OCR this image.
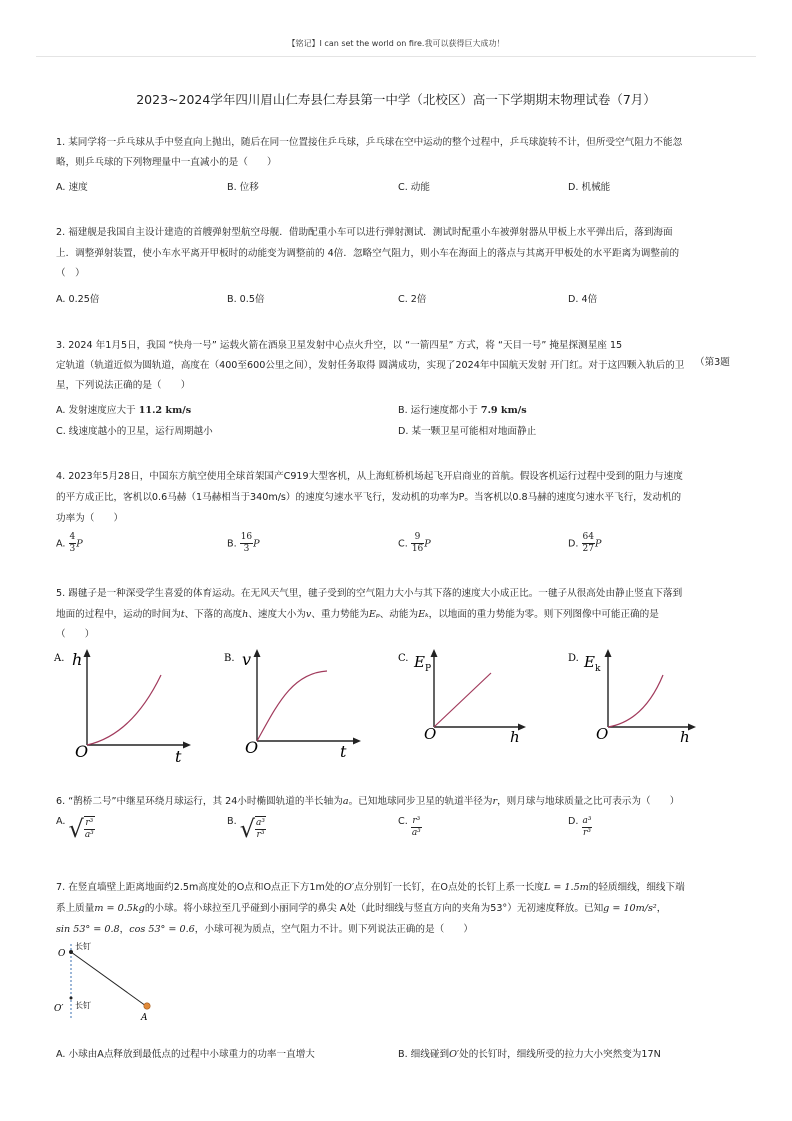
【铭记】I can set the world on fire.我可以获得巨大成功！
2023~2024学年四川眉山仁寿县仁寿县第一中学（北校区）高一下学期期末物理试卷（7月）
1. 某同学将一乒乓球从手中竖直向上抛出，随后在同一位置接住乒乓球，乒乓球在空中运动的整个过程中，乒乓球旋转不计，但所受空气阻力不能忽
略，则乒乓球的下列物理量中一直减小的是（　　）
A. 速度	B. 位移	C. 动能	D. 机械能
2. 福建舰是我国自主设计建造的首艘弹射型航空母舰．借助配重小车可以进行弹射测试．测试时配重小车被弹射器从甲板上水平弹出后，落到海面
上．调整弹射装置，使小车水平离开甲板时的动能变为调整前的 4倍．忽略空气阻力，则小车在海面上的落点与其离开甲板处的水平距离为调整前的
（　）
A. 0.25倍	B. 0.5倍	C. 2倍	D. 4倍
3. 2024 年1月5日，我国 “快舟一号” 运载火箭在酒泉卫星发射中心点火升空，以 “一箭四星” 方式，将 “天目一号” 掩星探测星座 15
（第3题
定轨道（轨道近似为圆轨道，高度在（400至600公里之间），发射任务取得 圆满成功，实现了2024年中国航天发射 开门红。对于这四颗入轨后的卫
星，下列说法正确的是（　　）
A. 发射速度应大于 11.2 km/s	B. 运行速度都小于 7.9 km/s
C. 线速度越小的卫星，运行周期越小	D. 某一颗卫星可能相对地面静止
4. 2023年5月28日，中国东方航空使用全球首架国产C919大型客机，从上海虹桥机场起飞开启商业的首航。假设客机运行过程中受到的阻力与速度
的平方成正比，客机以0.6马赫（1马赫相当于340m/s）的速度匀速水平飞行，发动机的功率为P。当客机以0.8马赫的速度匀速水平飞行，发动机的
功率为（　　）
A. $\frac{4}{3}$ P	B. $\frac{16}{3}$ P	C. $\frac{9}{16}$ P	D. $\frac{64}{27}$ P
5. 踢毽子是一种深受学生喜爱的体育运动。在无风天气里，毽子受到的空气阻力大小与其下落的速度大小成正比。一毽子从很高处由静止竖直下落到
地面的过程中，运动的时间为t、下落的高度h、速度大小为v、重力势能为Eₚ、动能为Eₖ，以地面的重力势能为零。则下列图像中可能正确的是
（　　）
A. h
t
O
B. v
t
O
C. $E_P$
h
O
D. $E_k$
h
O
6. “鹊桥二号”中继星环绕月球运行，其 24小时椭圆轨道的半长轴为a。已知地球同步卫星的轨道半径为r，则月球与地球质量之比可表示为（　　）
A. √ $\frac{\text{r³}}{\text{a³}}$	B. √ $\frac{\text{a³}}{\text{r³}}$	C. $\frac{\text{r³}}{\text{a³}}$	D. $\frac{\text{a³}}{\text{r³}}$
7. 在竖直墙壁上距离地面约2.5m高度处的O点和O点正下方1m处的O′点分别钉一长钉，在O点处的长钉上系一长度L = 1.5m的轻质细线，细线下端
系上质量m = 0.5kg的小球。将小球拉至几乎碰到小丽同学的鼻尖 A处（此时细线与竖直方向的夹角为53°）无初速度释放。已知g = 10m/s²，
sin 53° = 0.8，cos 53° = 0.6，小球可视为质点，空气阻力不计。则下列说法正确的是（　　）
O
O′
长钉
长钉
A
A. 小球由A点释放到最低点的过程中小球重力的功率一直增大	B. 细线碰到O′处的长钉时，细线所受的拉力大小突然变为17N
